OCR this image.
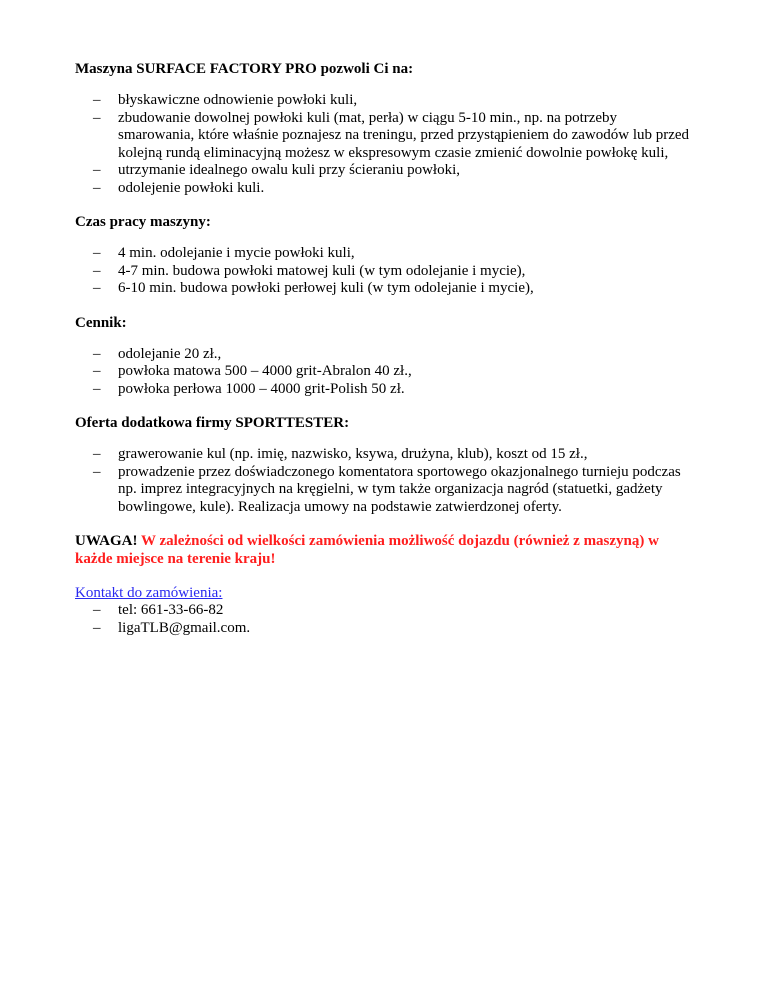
Maszyna SURFACE FACTORY PRO pozwoli Ci na:
– błyskawiczne odnowienie powłoki kuli,
– zbudowanie dowolnej powłoki kuli (mat, perła) w ciągu 5-10 min., np. na potrzeby smarowania, które właśnie poznajesz na treningu, przed przystąpieniem do zawodów lub przed kolejną rundą eliminacyjną możesz w ekspresowym czasie zmienić dowolnie powłokę kuli,
– utrzymanie idealnego owalu kuli przy ścieraniu powłoki,
– odolejenie powłoki kuli.
Czas pracy maszyny:
– 4 min. odolejanie i mycie powłoki kuli,
– 4-7 min. budowa powłoki matowej kuli (w tym odolejanie i mycie),
– 6-10 min. budowa powłoki perłowej kuli (w tym odolejanie i mycie),
Cennik:
– odolejanie 20 zł.,
– powłoka matowa 500 – 4000 grit-Abralon 40 zł.,
– powłoka perłowa 1000 – 4000 grit-Polish 50 zł.
Oferta dodatkowa firmy SPORTTESTER:
– grawerowanie kul (np. imię, nazwisko, ksywa, drużyna, klub), koszt od 15 zł.,
– prowadzenie przez doświadczonego komentatora sportowego okazjonalnego turnieju podczas np. imprez integracyjnych na kręgielni, w tym także organizacja nagród (statuetki, gadżety bowlingowe, kule). Realizacja umowy na podstawie zatwierdzonej oferty.
UWAGA! W zależności od wielkości zamówienia możliwość dojazdu (również z maszyną) w każde miejsce na terenie kraju!
Kontakt do zamówienia:
– tel: 661-33-66-82
– ligaTLB@gmail.com.
